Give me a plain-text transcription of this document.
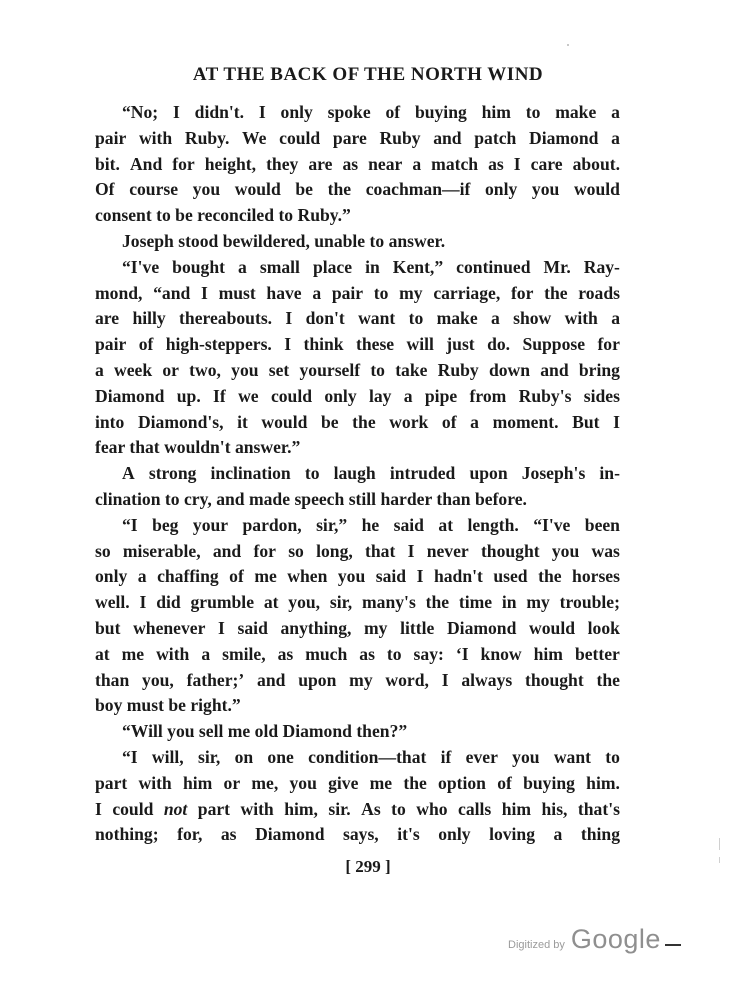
AT THE BACK OF THE NORTH WIND
“No; I didn't. I only spoke of buying him to make a
pair with Ruby. We could pare Ruby and patch Diamond a
bit. And for height, they are as near a match as I care about.
Of course you would be the coachman—if only you would
consent to be reconciled to Ruby.”
Joseph stood bewildered, unable to answer.
“I've bought a small place in Kent,” continued Mr. Ray-
mond, “and I must have a pair to my carriage, for the roads
are hilly thereabouts. I don't want to make a show with a
pair of high-steppers. I think these will just do. Suppose for
a week or two, you set yourself to take Ruby down and bring
Diamond up. If we could only lay a pipe from Ruby's sides
into Diamond's, it would be the work of a moment. But I
fear that wouldn't answer.”
A strong inclination to laugh intruded upon Joseph's in-
clination to cry, and made speech still harder than before.
“I beg your pardon, sir,” he said at length. “I've been
so miserable, and for so long, that I never thought you was
only a chaffing of me when you said I hadn't used the horses
well. I did grumble at you, sir, many's the time in my trouble;
but whenever I said anything, my little Diamond would look
at me with a smile, as much as to say: ‘I know him better
than you, father;’ and upon my word, I always thought the
boy must be right.”
“Will you sell me old Diamond then?”
“I will, sir, on one condition—that if ever you want to
part with him or me, you give me the option of buying him.
I could not part with him, sir. As to who calls him his, that's
nothing; for, as Diamond says, it's only loving a thing
[ 299 ]
Digitized by Google
